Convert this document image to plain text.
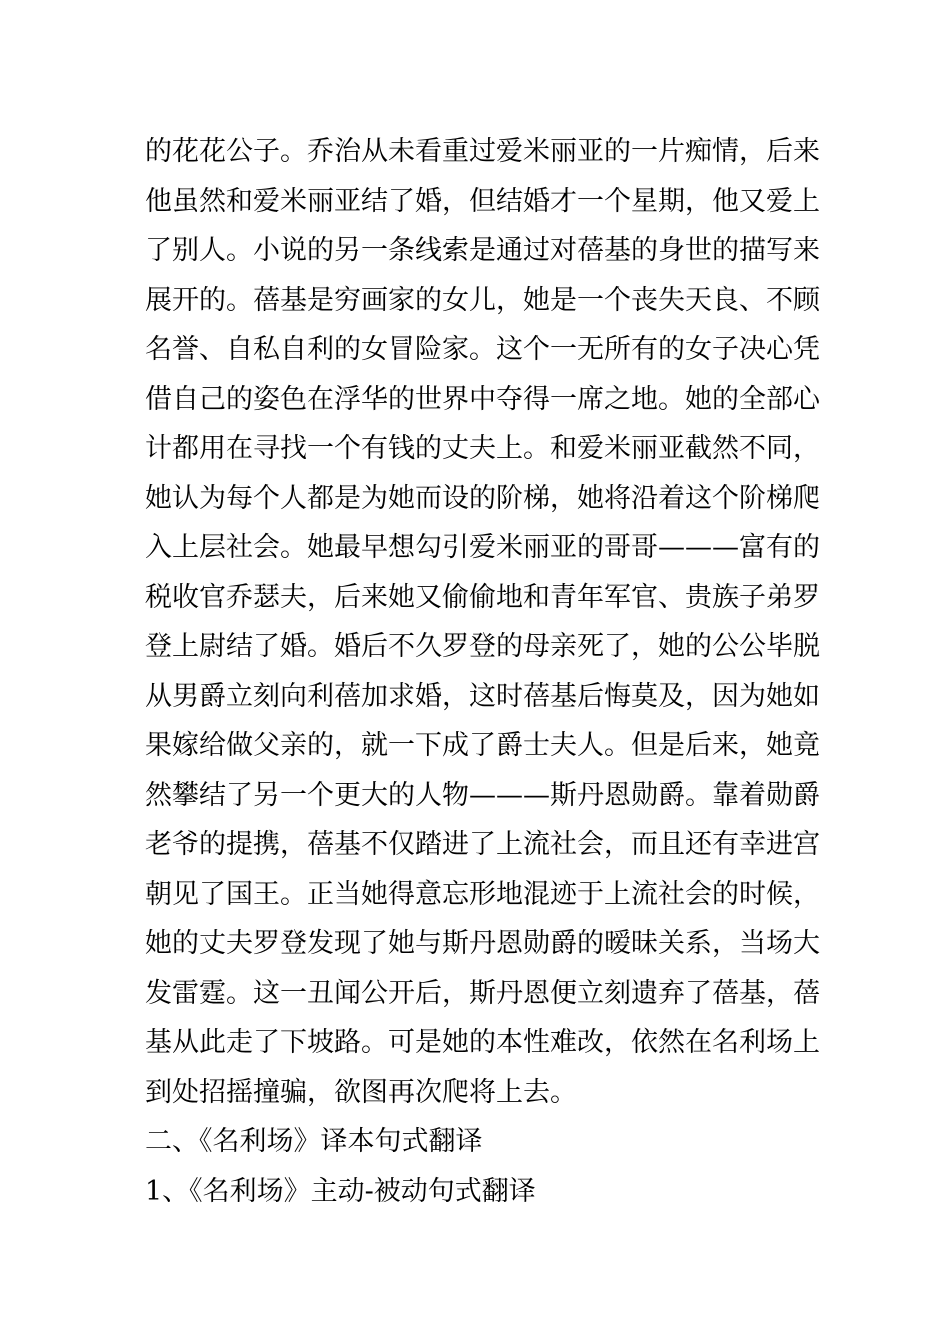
的花花公子。乔治从未看重过爱米丽亚的一片痴情，后来
他虽然和爱米丽亚结了婚，但结婚才一个星期，他又爱上
了别人。小说的另一条线索是通过对蓓基的身世的描写来
展开的。蓓基是穷画家的女儿，她是一个丧失天良、不顾
名誉、自私自利的女冒险家。这个一无所有的女子决心凭
借自己的姿色在浮华的世界中夺得一席之地。她的全部心
计都用在寻找一个有钱的丈夫上。和爱米丽亚截然不同，
她认为每个人都是为她而设的阶梯，她将沿着这个阶梯爬
入上层社会。她最早想勾引爱米丽亚的哥哥———富有的
税收官乔瑟夫，后来她又偷偷地和青年军官、贵族子弟罗
登上尉结了婚。婚后不久罗登的母亲死了，她的公公毕脱
从男爵立刻向利蓓加求婚，这时蓓基后悔莫及，因为她如
果嫁给做父亲的，就一下成了爵士夫人。但是后来，她竟
然攀结了另一个更大的人物———斯丹恩勋爵。靠着勋爵
老爷的提携，蓓基不仅踏进了上流社会，而且还有幸进宫
朝见了国王。正当她得意忘形地混迹于上流社会的时候，
她的丈夫罗登发现了她与斯丹恩勋爵的暧昧关系，当场大
发雷霆。这一丑闻公开后，斯丹恩便立刻遗弃了蓓基，蓓
基从此走了下坡路。可是她的本性难改，依然在名利场上
到处招摇撞骗，欲图再次爬将上去。
二、《名利场》译本句式翻译
1、《名利场》主动-被动句式翻译
